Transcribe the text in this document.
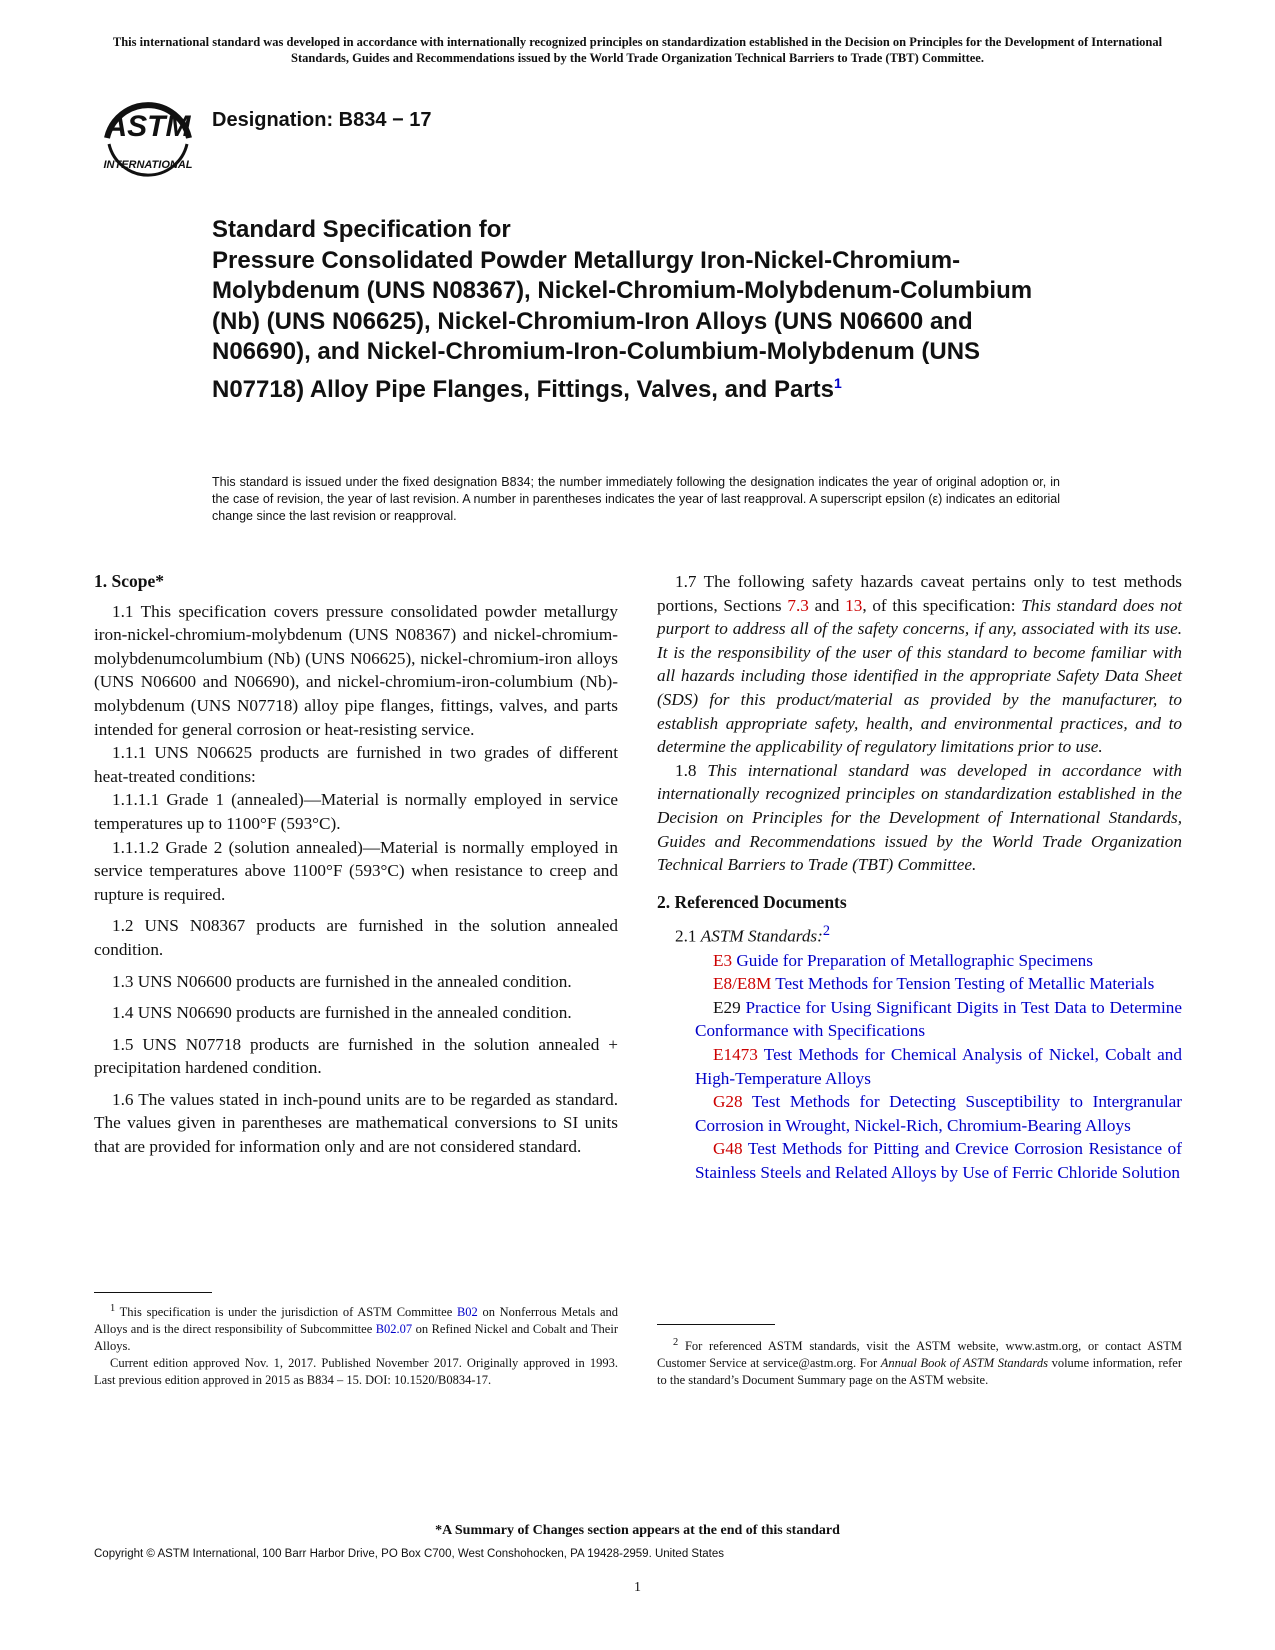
This international standard was developed in accordance with internationally recognized principles on standardization established in the Decision on Principles for the Development of International Standards, Guides and Recommendations issued by the World Trade Organization Technical Barriers to Trade (TBT) Committee.
ASTM
INTERNATIONAL
Designation: B834 − 17
Standard Specification for
Pressure Consolidated Powder Metallurgy Iron-Nickel-Chromium-Molybdenum (UNS N08367), Nickel-Chromium-Molybdenum-Columbium (Nb) (UNS N06625), Nickel-Chromium-Iron Alloys (UNS N06600 and N06690), and Nickel-Chromium-Iron-Columbium-Molybdenum (UNS N07718) Alloy Pipe Flanges, Fittings, Valves, and Parts$^1$
This standard is issued under the fixed designation B834; the number immediately following the designation indicates the year of original adoption or, in the case of revision, the year of last revision. A number in parentheses indicates the year of last reapproval. A superscript epsilon (ε) indicates an editorial change since the last revision or reapproval.
1. Scope*

1.1 This specification covers pressure consolidated powder metallurgy iron-nickel-chromium-molybdenum (UNS N08367) and nickel-chromium-molybdenumcolumbium (Nb) (UNS N06625), nickel-chromium-iron alloys (UNS N06600 and N06690), and nickel-chromium-iron-columbium (Nb)-molybdenum (UNS N07718) alloy pipe flanges, fittings, valves, and parts intended for general corrosion or heat-resisting service.

1.1.1 UNS N06625 products are furnished in two grades of different heat-treated conditions:

1.1.1.1 Grade 1 (annealed)—Material is normally employed in service temperatures up to 1100°F (593°C).

1.1.1.2 Grade 2 (solution annealed)—Material is normally employed in service temperatures above 1100°F (593°C) when resistance to creep and rupture is required.

1.2 UNS N08367 products are furnished in the solution annealed condition.

1.3 UNS N06600 products are furnished in the annealed condition.

1.4 UNS N06690 products are furnished in the annealed condition.

1.5 UNS N07718 products are furnished in the solution annealed + precipitation hardened condition.

1.6 The values stated in inch-pound units are to be regarded as standard. The values given in parentheses are mathematical conversions to SI units that are provided for information only and are not considered standard.

1.7 The following safety hazards caveat pertains only to test methods portions, Sections 7.3 and 13, of this specification: This standard does not purport to address all of the safety concerns, if any, associated with its use. It is the responsibility of the user of this standard to become familiar with all hazards including those identified in the appropriate Safety Data Sheet (SDS) for this product/material as provided by the manufacturer, to establish appropriate safety, health, and environmental practices, and to determine the applicability of regulatory limitations prior to use.

1.8 This international standard was developed in accordance with internationally recognized principles on standardization established in the Decision on Principles for the Development of International Standards, Guides and Recommendations issued by the World Trade Organization Technical Barriers to Trade (TBT) Committee.

2. Referenced Documents

2.1 ASTM Standards:$^2$

E3 Guide for Preparation of Metallographic Specimens

E8/E8M Test Methods for Tension Testing of Metallic Materials

E29 Practice for Using Significant Digits in Test Data to Determine Conformance with Specifications

E1473 Test Methods for Chemical Analysis of Nickel, Cobalt and High-Temperature Alloys

G28 Test Methods for Detecting Susceptibility to Intergranular Corrosion in Wrought, Nickel-Rich, Chromium-Bearing Alloys

G48 Test Methods for Pitting and Crevice Corrosion Resistance of Stainless Steels and Related Alloys by Use of Ferric Chloride Solution

$^1$ This specification is under the jurisdiction of ASTM Committee B02 on Nonferrous Metals and Alloys and is the direct responsibility of Subcommittee B02.07 on Refined Nickel and Cobalt and Their Alloys.

Current edition approved Nov. 1, 2017. Published November 2017. Originally approved in 1993. Last previous edition approved in 2015 as B834 – 15. DOI: 10.1520/B0834-17.

$^2$ For referenced ASTM standards, visit the ASTM website, www.astm.org, or contact ASTM Customer Service at service@astm.org. For Annual Book of ASTM Standards volume information, refer to the standard’s Document Summary page on the ASTM website.

*A Summary of Changes section appears at the end of this standard
Copyright © ASTM International, 100 Barr Harbor Drive, PO Box C700, West Conshohocken, PA 19428-2959. United States
1
